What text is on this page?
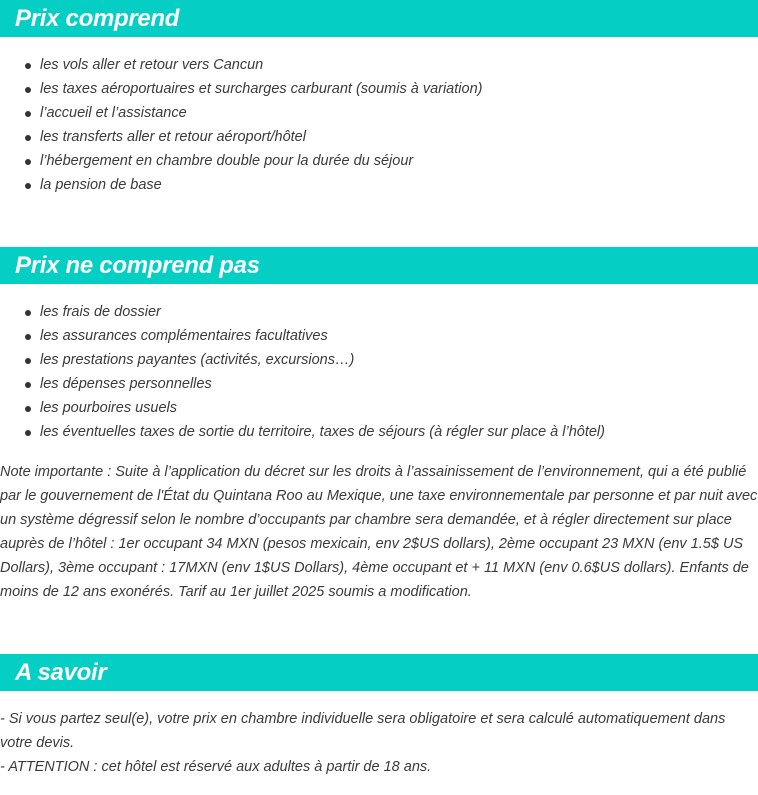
Prix comprend
les vols aller et retour vers Cancun
les taxes aéroportuaires et surcharges carburant (soumis à variation)
l’accueil et l’assistance
les transferts aller et retour aéroport/hôtel
l’hébergement en chambre double pour la durée du séjour
la pension de base
Prix ne comprend pas
les frais de dossier
les assurances complémentaires facultatives
les prestations payantes (activités, excursions…)
les dépenses personnelles
les pourboires usuels
les éventuelles taxes de sortie du territoire, taxes de séjours (à régler sur place à l’hôtel)

Note importante : Suite à l’application du décret sur les droits à l’assainissement de l’environnement, qui a été publié par le gouvernement de l'État du Quintana Roo au Mexique, une taxe environnementale par personne et par nuit avec un système dégressif selon le nombre d’occupants par chambre sera demandée, et à régler directement sur place auprès de l’hôtel : 1er occupant 34 MXN (pesos mexicain, env 2$US dollars), 2ème occupant 23 MXN (env 1.5$ US Dollars), 3ème occupant : 17MXN (env 1$US Dollars), 4ème occupant et + 11 MXN (env 0.6$US dollars). Enfants de moins de 12 ans exonérés. Tarif au 1er juillet 2025 soumis a modification.

A savoir

- Si vous partez seul(e), votre prix en chambre individuelle sera obligatoire et sera calculé automatiquement dans votre devis.

- ATTENTION : cet hôtel est réservé aux adultes à partir de 18 ans.
